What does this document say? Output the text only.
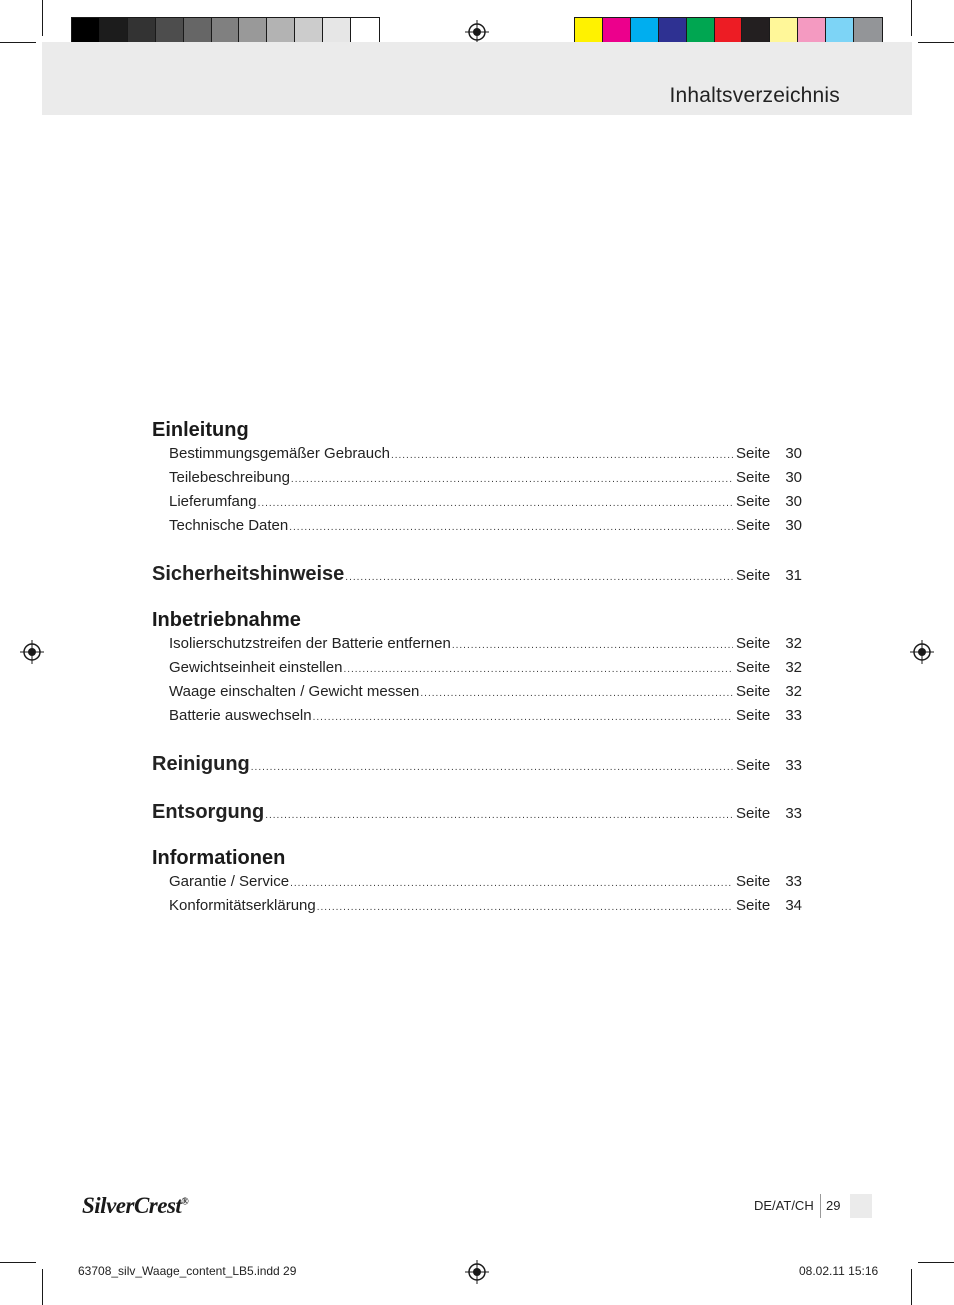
Inhaltsverzeichnis
Einleitung
Bestimmungsgemäßer Gebrauch .....	Seite	30
Teilebeschreibung .....	Seite	30
Lieferumfang .....	Seite	30
Technische Daten .....	Seite	30
Sicherheitshinweise .....	Seite	31
Inbetriebnahme
Isolierschutzstreifen der Batterie entfernen .....	Seite	32
Gewichtseinheit einstellen .....	Seite	32
Waage einschalten / Gewicht messen .....	Seite	32
Batterie auswechseln .....	Seite	33
Reinigung .....	Seite	33
Entsorgung .....	Seite	33
Informationen
Garantie / Service .....	Seite	33
Konformitätserklärung .....	Seite	34
SilverCrest®	DE/AT/CH 29
63708_silv_Waage_content_LB5.indd 29	08.02.11 15:16
